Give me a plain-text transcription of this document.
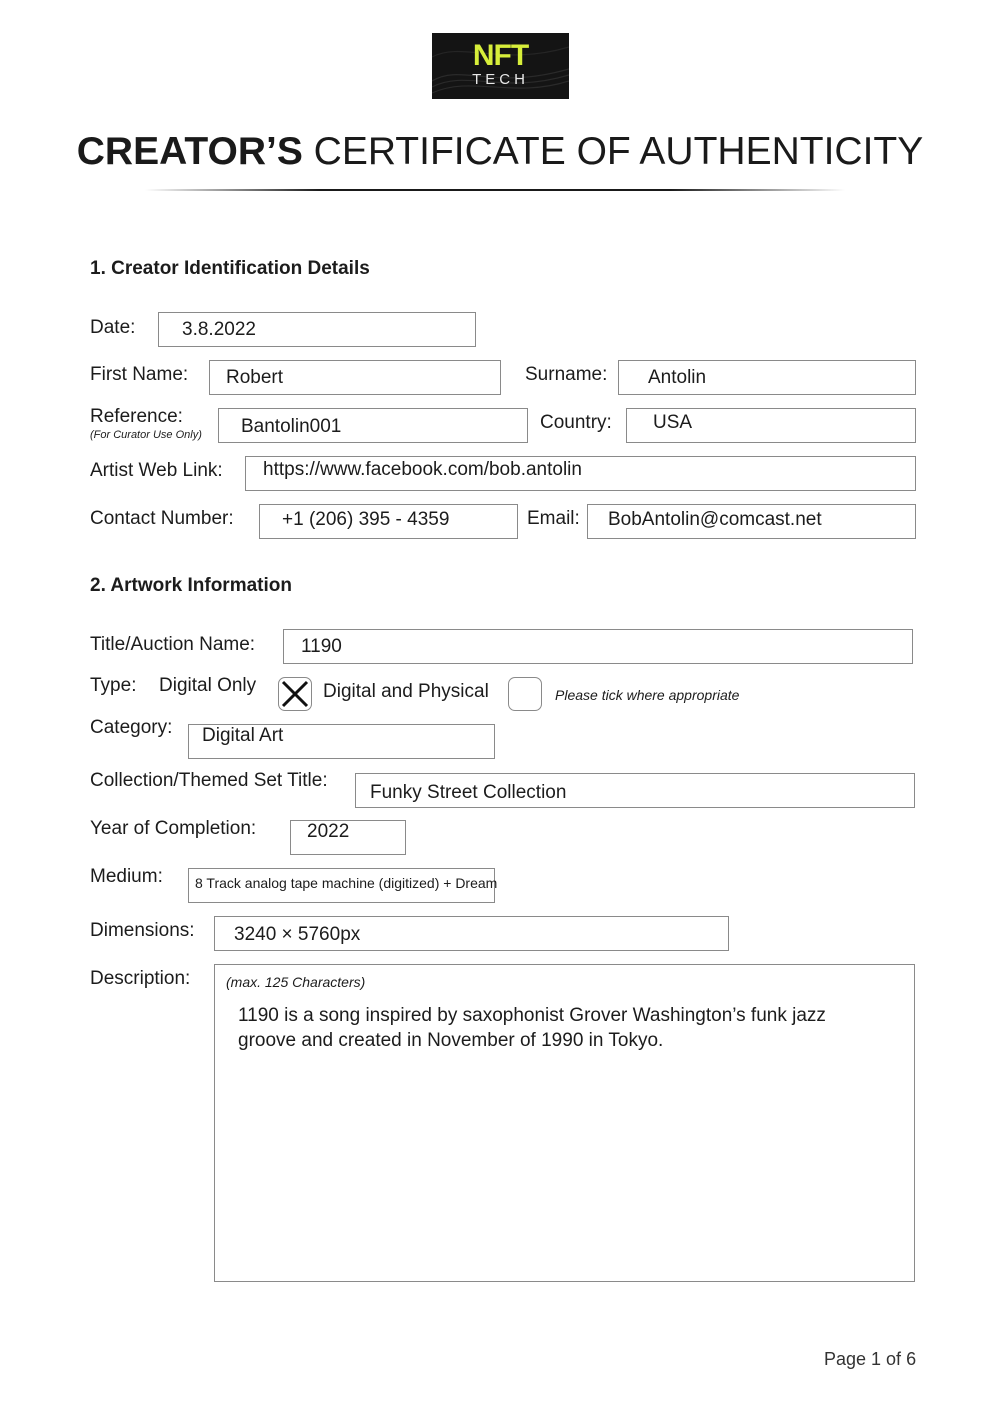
NFT
TECH
CREATOR’S CERTIFICATE OF AUTHENTICITY
1. Creator Identification Details
Date:	3.8.2022
First Name:	Robert	Surname:	Antolin
Reference:
(For Curator Use Only)	Bantolin001	Country:	USA
Artist Web Link:	https://www.facebook.com/bob.antolin
Contact Number:	+1 (206) 395 - 4359	Email:	BobAntolin@comcast.net
2. Artwork Information
Title/Auction Name:	1190
Type: Digital Only	Digital and Physical	Please tick where appropriate
Category:	Digital Art
Collection/Themed Set Title:
Funky Street Collection
Year of Completion:	2022
Medium:	8 Track analog tape machine (digitized) + Dream
Dimensions:	3240 × 5760px
Description:	(max. 125 Characters)
1190 is a song inspired by saxophonist Grover Washington’s funk jazz groove and created in November of 1990 in Tokyo.
Page 1 of 6
